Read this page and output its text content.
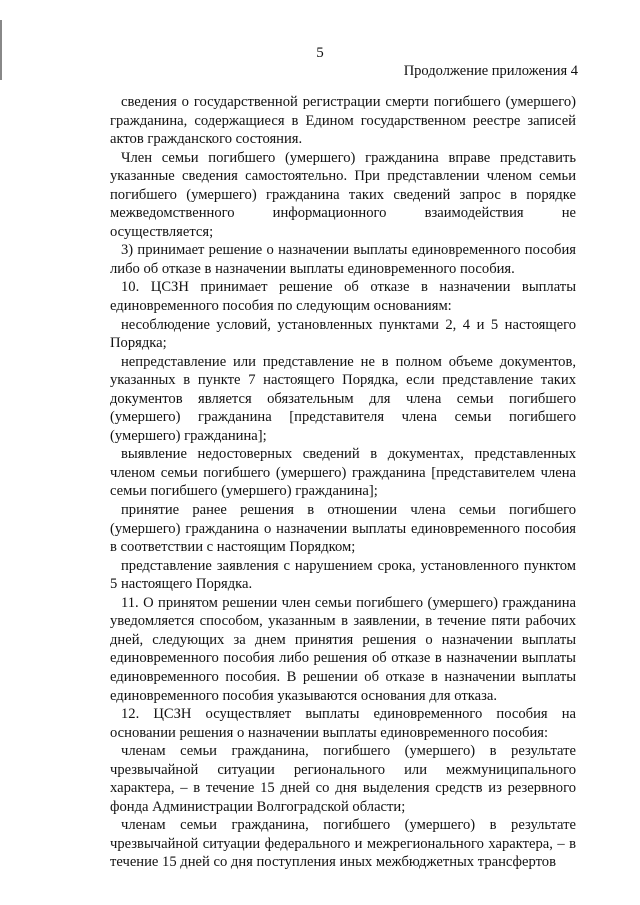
5
Продолжение приложения 4

сведения о государственной регистрации смерти погибшего (умершего) гражданина, содержащиеся в Едином государственном реестре записей актов гражданского состояния.

Член семьи погибшего (умершего) гражданина вправе представить указанные сведения самостоятельно. При представлении членом семьи погибшего (умершего) гражданина таких сведений запрос в порядке межведомственного информационного взаимодействия не осуществляется;

3) принимает решение о назначении выплаты единовременного пособия либо об отказе в назначении выплаты единовременного пособия.

10. ЦСЗН принимает решение об отказе в назначении выплаты единовременного пособия по следующим основаниям:

несоблюдение условий, установленных пунктами 2, 4 и 5 настоящего Порядка;

непредставление или представление не в полном объеме документов, указанных в пункте 7 настоящего Порядка, если представление таких документов является обязательным для члена семьи погибшего (умершего) гражданина [представителя члена семьи погибшего (умершего) гражданина];

выявление недостоверных сведений в документах, представленных членом семьи погибшего (умершего) гражданина [представителем члена семьи погибшего (умершего) гражданина];

принятие ранее решения в отношении члена семьи погибшего (умершего) гражданина о назначении выплаты единовременного пособия в соответствии с настоящим Порядком;

представление заявления с нарушением срока, установленного пунктом 5 настоящего Порядка.

11. О принятом решении член семьи погибшего (умершего) гражданина уведомляется способом, указанным в заявлении, в течение пяти рабочих дней, следующих за днем принятия решения о назначении выплаты единовременного пособия либо решения об отказе в назначении выплаты единовременного пособия. В решении об отказе в назначении выплаты единовременного пособия указываются основания для отказа.

12. ЦСЗН осуществляет выплаты единовременного пособия на основании решения о назначении выплаты единовременного пособия:

членам семьи гражданина, погибшего (умершего) в результате чрезвычайной ситуации регионального или межмуниципального характера, – в течение 15 дней со дня выделения средств из резервного фонда Администрации Волгоградской области;

членам семьи гражданина, погибшего (умершего) в результате чрезвычайной ситуации федерального и межрегионального характера, – в течение 15 дней со дня поступления иных межбюджетных трансфертов
